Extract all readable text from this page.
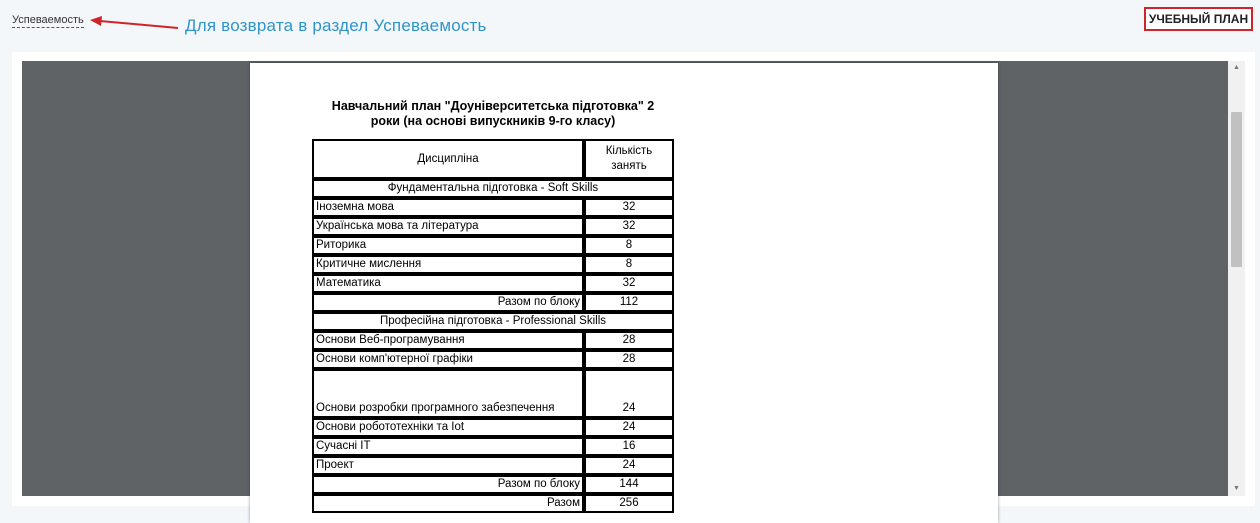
Успеваемость	Для возврата в раздел Успеваемость	УЧЕБНЫЙ ПЛАН
Навчальний план "Доуніверситетська підготовка" 2
роки (на основі випускників 9-го класу)
Дисципліна	Кількість занять
Фундаментальна підготовка - Soft Skills	
Іноземна мова	32
Українська мова та література	32
Риторика	8
Критичне мислення	8
Математика	32
Разом по блоку	112
Професійна підготовка - Professional Skills	
Основи Веб-програмування	28
Основи комп'ютерної графіки	28
Основи розробки програмного забезпечення	24
Основи робототехніки та Iot	24
Сучасні IT	16
Проект	24
Разом по блоку	144
Разом	256
▲
▼
